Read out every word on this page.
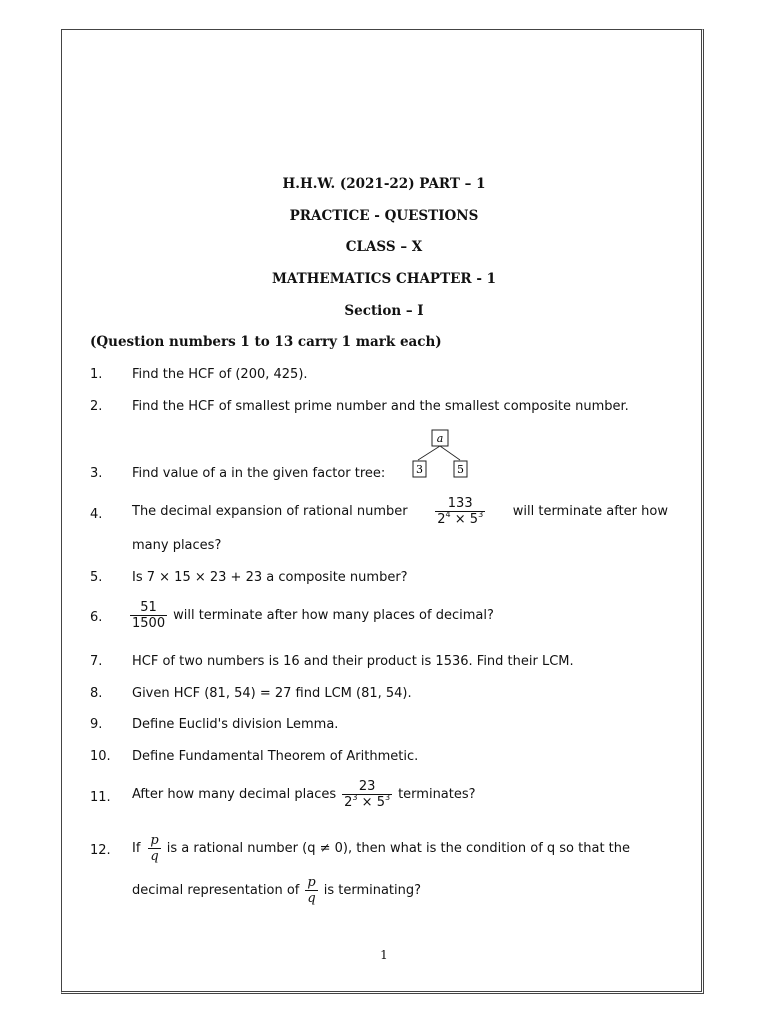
H.H.W. (2021-22) PART – 1
PRACTICE - QUESTIONS
CLASS – X
MATHEMATICS CHAPTER - 1
Section – I
(Question numbers 1 to 13 carry 1 mark each)
1. Find the HCF of (200, 425).
2. Find the HCF of smallest prime number and the smallest composite number.
3. Find value of a in the given factor tree:
a
3	5
4. The decimal expansion of rational number $\frac{133}{2^4 \times 5^3}$ will terminate after how
many places?
5. Is 7 × 15 × 23 + 23 a composite number?
6. $\frac{51}{1500}$ will terminate after how many places of decimal?
7. HCF of two numbers is 16 and their product is 1536. Find their LCM.
8. Given HCF (81, 54) = 27 find LCM (81, 54).
9. Define Euclid's division Lemma.
10. Define Fundamental Theorem of Arithmetic.
11. After how many decimal places $\frac{23}{2^3 \times 5^3}$ terminates?
12. If $\frac{p}{q}$ is a rational number (q ≠ 0), then what is the condition of q so that the
decimal representation of $\frac{p}{q}$ is terminating?
1
